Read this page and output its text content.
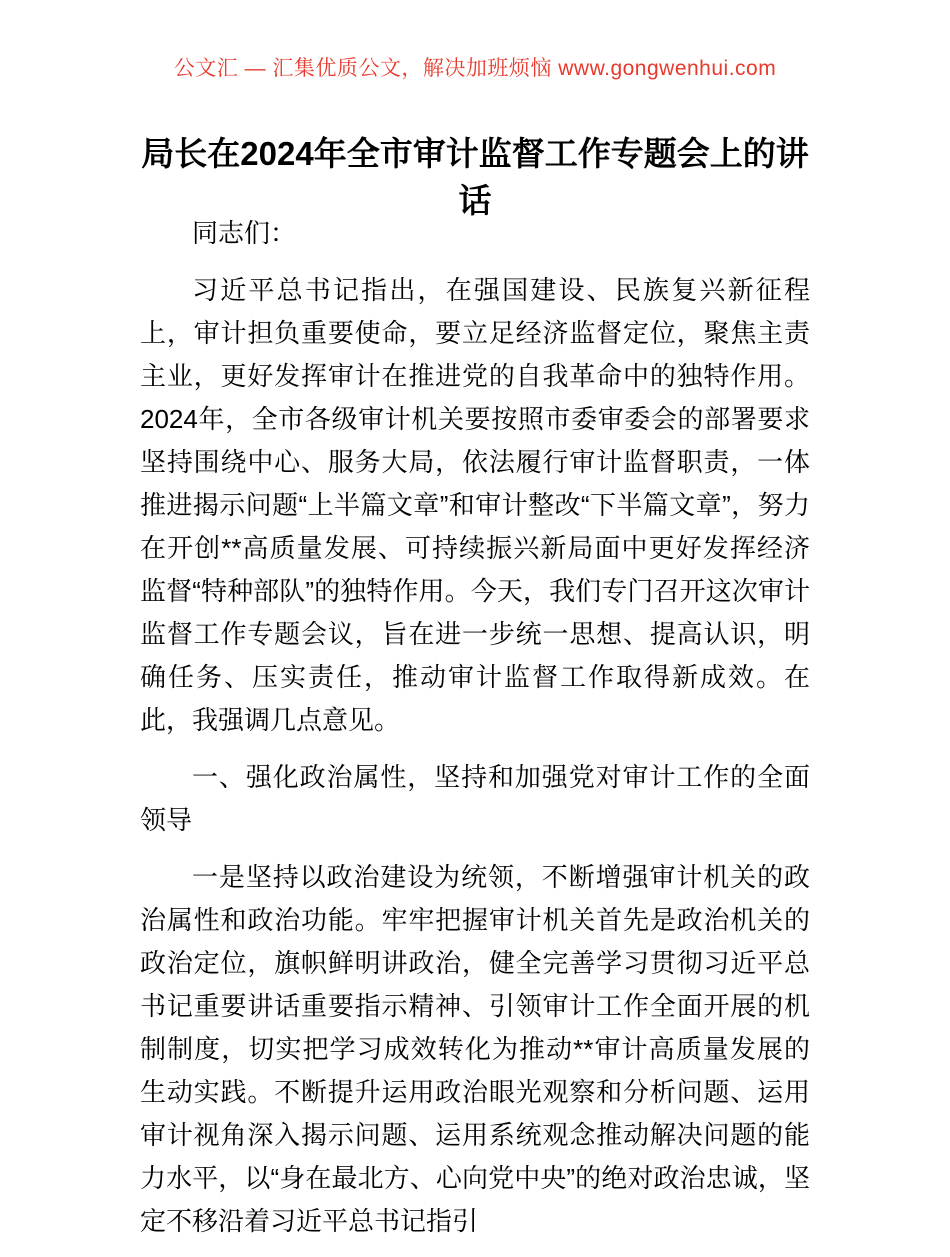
公文汇 — 汇集优质公文，解决加班烦恼 www.gongwenhui.com
局长在2024年全市审计监督工作专题会上的讲话

同志们：

习近平总书记指出，在强国建设、民族复兴新征程上，审计担负重要使命，要立足经济监督定位，聚焦主责主业，更好发挥审计在推进党的自我革命中的独特作用。2024年，全市各级审计机关要按照市委审委会的部署要求坚持围绕中心、服务大局，依法履行审计监督职责，一体推进揭示问题“上半篇文章”和审计整改“下半篇文章”，努力在开创**高质量发展、可持续振兴新局面中更好发挥经济监督“特种部队”的独特作用。今天，我们专门召开这次审计监督工作专题会议，旨在进一步统一思想、提高认识，明确任务、压实责任，推动审计监督工作取得新成效。在此，我强调几点意见。

一、强化政治属性，坚持和加强党对审计工作的全面领导

一是坚持以政治建设为统领，不断增强审计机关的政治属性和政治功能。牢牢把握审计机关首先是政治机关的政治定位，旗帜鲜明讲政治，健全完善学习贯彻习近平总书记重要讲话重要指示精神、引领审计工作全面开展的机制制度，切实把学习成效转化为推动**审计高质量发展的生动实践。不断提升运用政治眼光观察和分析问题、运用审计视角深入揭示问题、运用系统观念推动解决问题的能力水平，以“身在最北方、心向党中央”的绝对政治忠诚，坚定不移沿着习近平总书记指引
